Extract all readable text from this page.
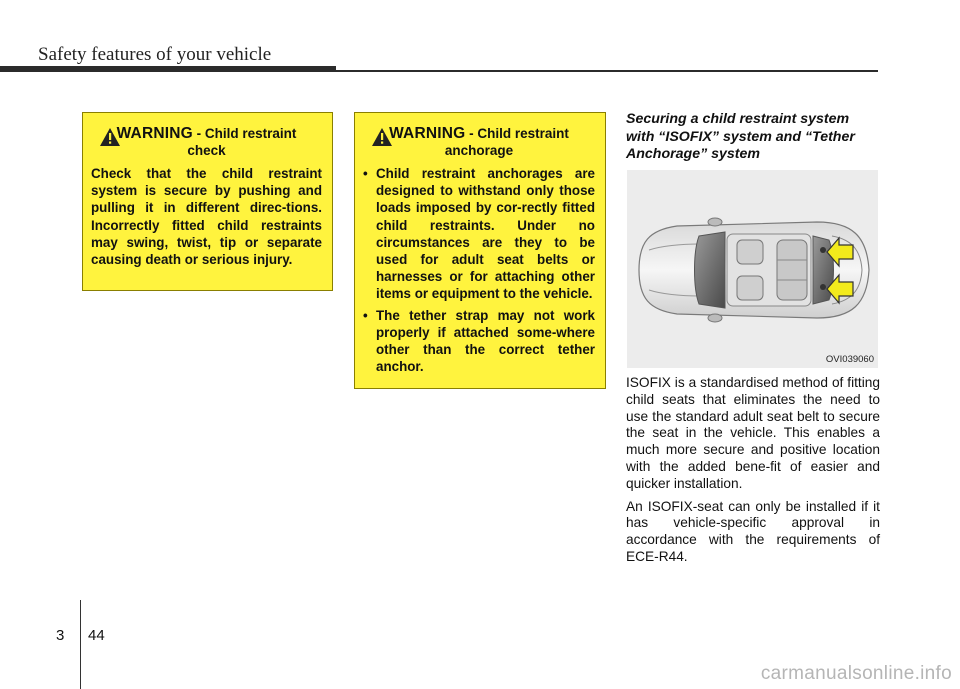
Safety features of your vehicle
WARNING - Child restraint
check
Check that the child restraint system is secure by pushing and pulling it in different direc-tions. Incorrectly fitted child restraints may swing, twist, tip or separate causing death or serious injury.
WARNING - Child restraint
anchorage
• Child restraint anchorages are designed to withstand only those loads imposed by cor-rectly fitted child restraints. Under no circumstances are they to be used for adult seat belts or harnesses or for attaching other items or equipment to the vehicle.
• The tether strap may not work properly if attached some-where other than the correct tether anchor.
Securing a child restraint system with “ISOFIX” system and “Tether Anchorage” system
OVI039060

ISOFIX is a standardised method of fitting child seats that eliminates the need to use the standard adult seat belt to secure the seat in the vehicle. This enables a much more secure and positive location with the added bene-fit of easier and quicker installation.

An ISOFIX-seat can only be installed if it has vehicle-specific approval in accordance with the requirements of ECE-R44.

3 44
carmanualsonline.info
